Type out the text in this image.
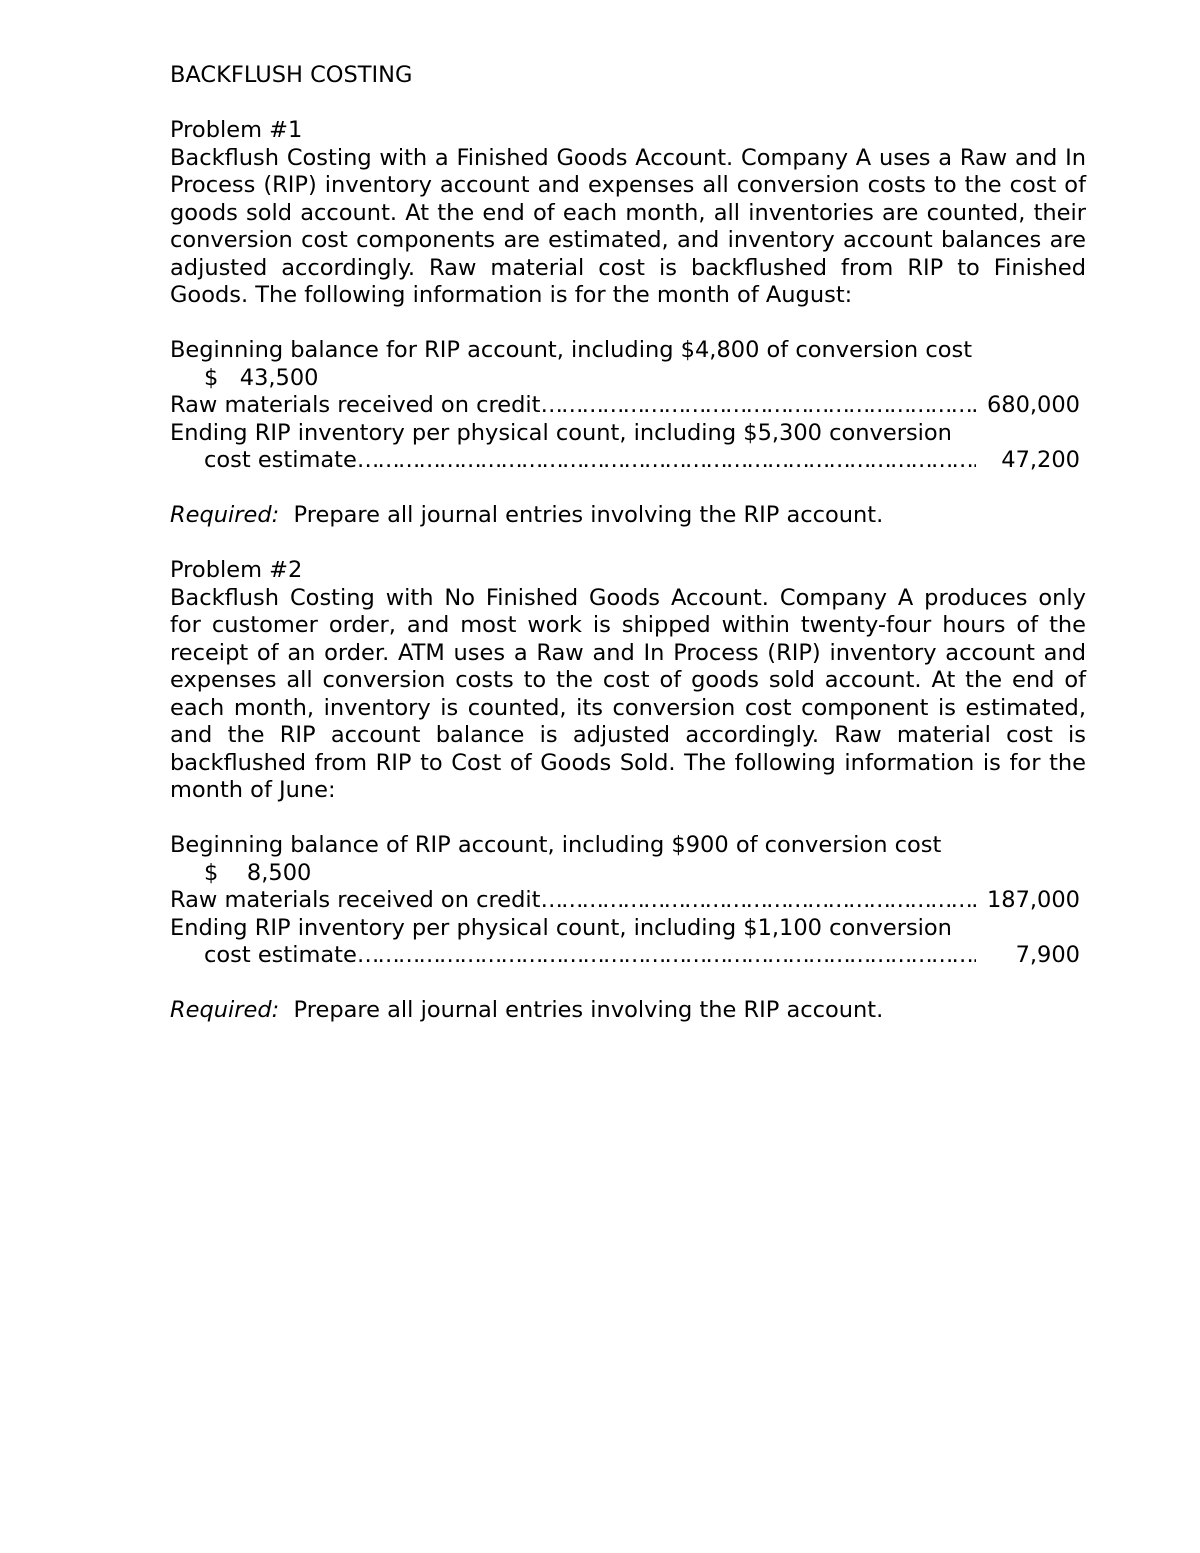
BACKFLUSH COSTING
Problem #1
Backflush Costing with a Finished Goods Account. Company A uses a Raw and In Process (RIP) inventory account and expenses all conversion costs to the cost of goods sold account. At the end of each month, all inventories are counted, their conversion cost components are estimated, and inventory account balances are adjusted accordingly. Raw material cost is backflushed from RIP to Finished Goods. The following information is for the month of August:
Beginning balance for RIP account, including $4,800 of conversion cost
$   43,500
Raw materials received on credit ………………………………………………………………………………………………………………………………………………	680,000
Ending RIP inventory per physical count, including $5,300 conversion
cost estimate ………………………………………………………………………………………………………………………………………………	47,200
Required: Prepare all journal entries involving the RIP account.
Problem #2
Backflush Costing with No Finished Goods Account. Company A produces only for customer order, and most work is shipped within twenty-four hours of the receipt of an order. ATM uses a Raw and In Process (RIP) inventory account and expenses all conversion costs to the cost of goods sold account. At the end of each month, inventory is counted, its conversion cost component is estimated, and the RIP account balance is adjusted accordingly. Raw material cost is backflushed from RIP to Cost of Goods Sold. The following information is for the month of June:
Beginning balance of RIP account, including $900 of conversion cost
$    8,500
Raw materials received on credit ………………………………………………………………………………………………………………………………………………	187,000
Ending RIP inventory per physical count, including $1,100 conversion
cost estimate ………………………………………………………………………………………………………………………………………………	7,900
Required: Prepare all journal entries involving the RIP account.
